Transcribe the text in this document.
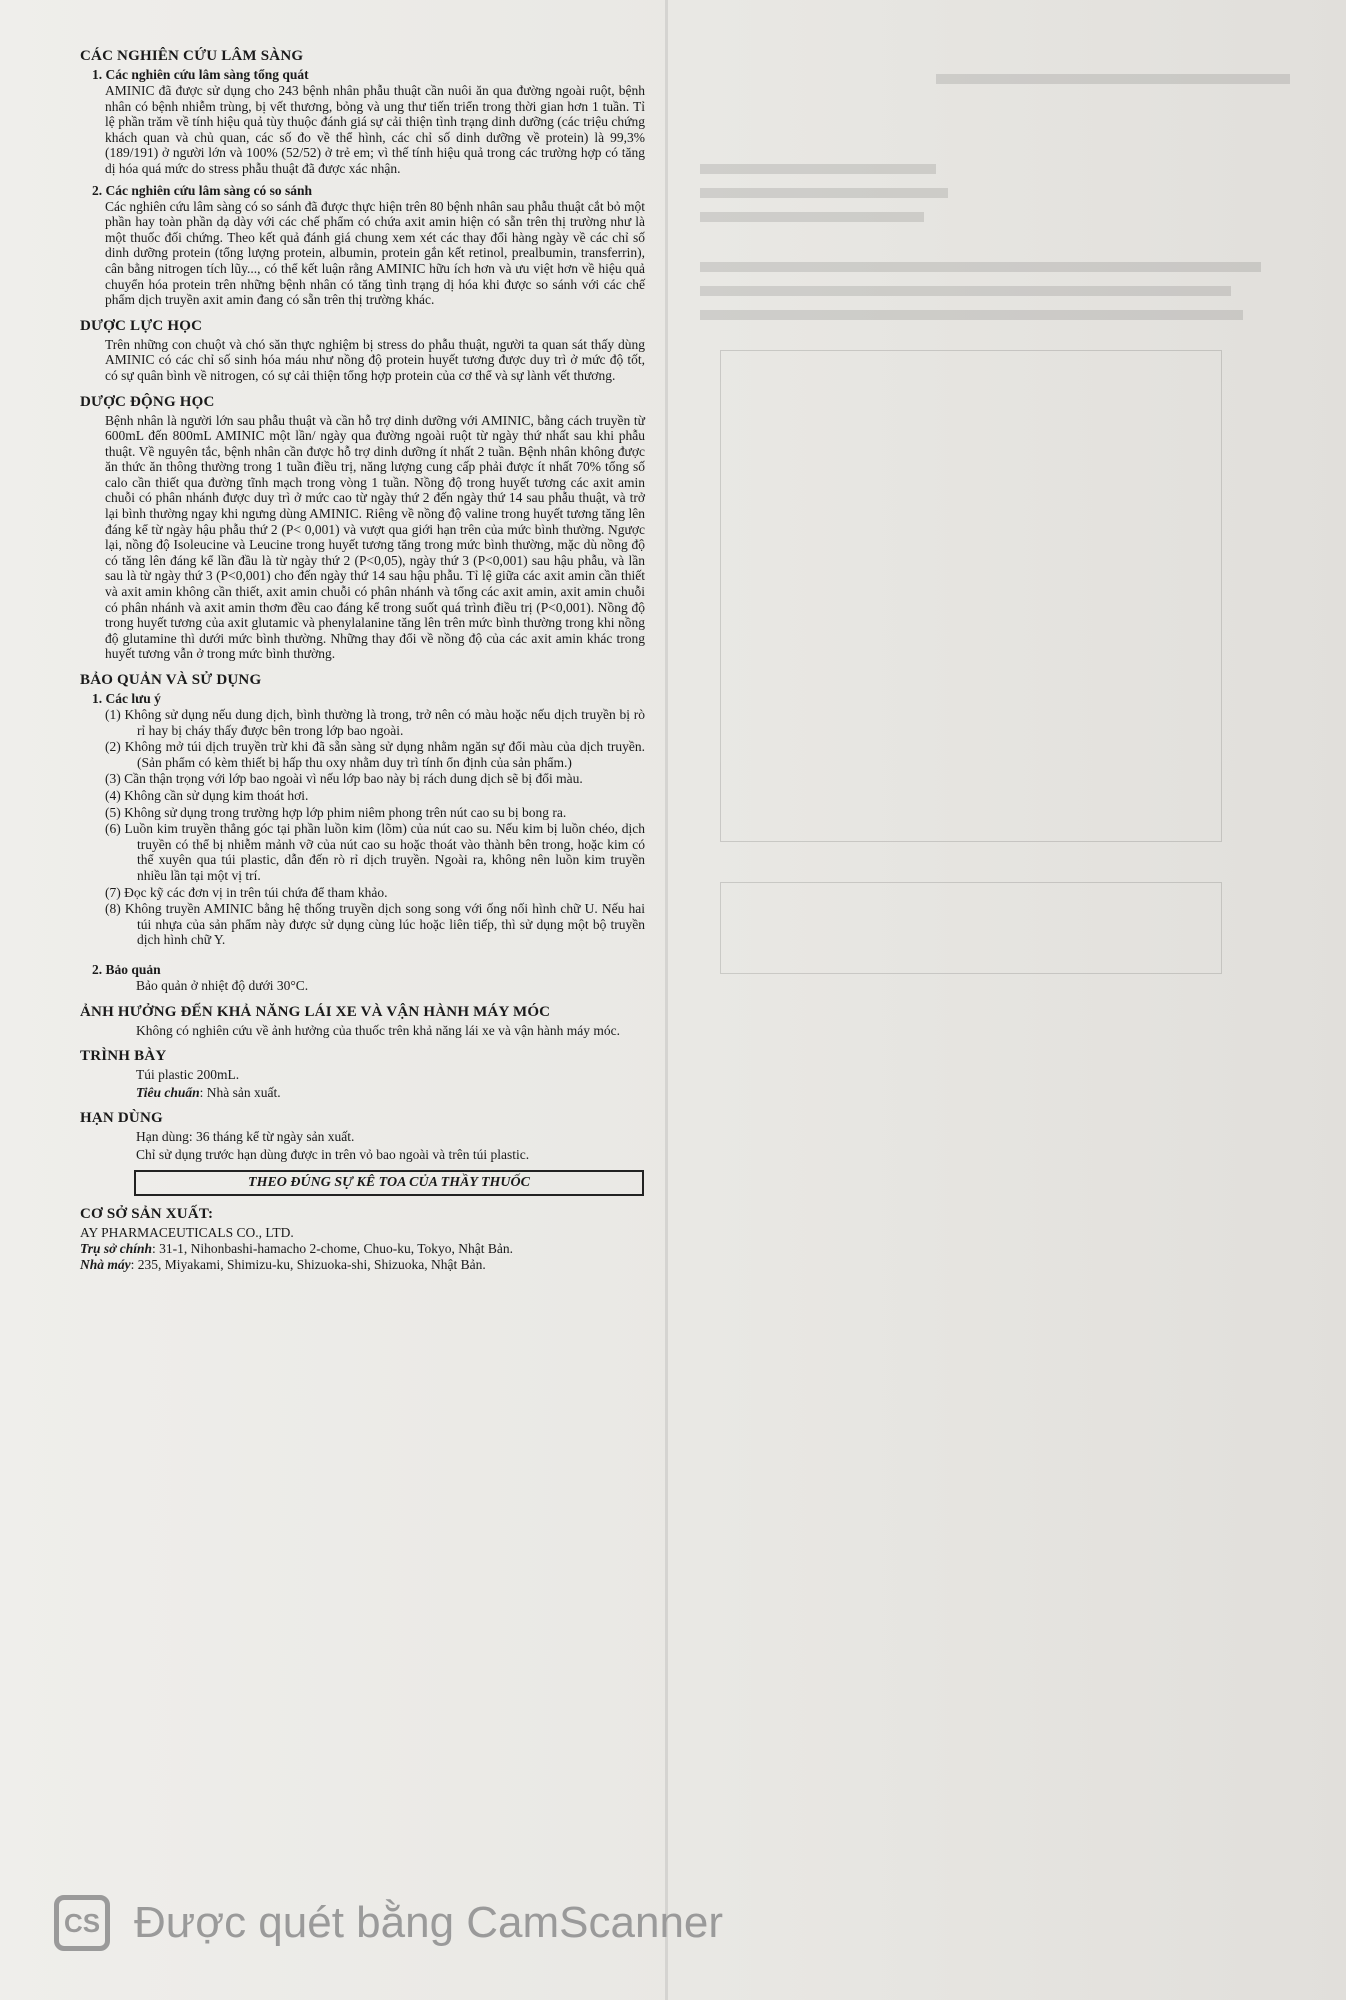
CÁC NGHIÊN CỨU LÂM SÀNG
1. Các nghiên cứu lâm sàng tổng quát

AMINIC đã được sử dụng cho 243 bệnh nhân phẫu thuật cần nuôi ăn qua đường ngoài ruột, bệnh nhân có bệnh nhiễm trùng, bị vết thương, bỏng và ung thư tiến triển trong thời gian hơn 1 tuần. Tỉ lệ phần trăm về tính hiệu quả tùy thuộc đánh giá sự cải thiện tình trạng dinh dưỡng (các triệu chứng khách quan và chủ quan, các số đo về thể hình, các chỉ số dinh dưỡng về protein) là 99,3% (189/191) ở người lớn và 100% (52/52) ở trẻ em; vì thế tính hiệu quả trong các trường hợp có tăng dị hóa quá mức do stress phẫu thuật đã được xác nhận.

2. Các nghiên cứu lâm sàng có so sánh

Các nghiên cứu lâm sàng có so sánh đã được thực hiện trên 80 bệnh nhân sau phẫu thuật cắt bỏ một phần hay toàn phần dạ dày với các chế phẩm có chứa axit amin hiện có sẵn trên thị trường như là một thuốc đối chứng. Theo kết quả đánh giá chung xem xét các thay đổi hàng ngày về các chỉ số dinh dưỡng protein (tổng lượng protein, albumin, protein gắn kết retinol, prealbumin, transferrin), cân bằng nitrogen tích lũy..., có thể kết luận rằng AMINIC hữu ích hơn và ưu việt hơn về hiệu quả chuyển hóa protein trên những bệnh nhân có tăng tình trạng dị hóa khi được so sánh với các chế phẩm dịch truyền axit amin đang có sẵn trên thị trường khác.

DƯỢC LỰC HỌC

Trên những con chuột và chó săn thực nghiệm bị stress do phẫu thuật, người ta quan sát thấy dùng AMINIC có các chỉ số sinh hóa máu như nồng độ protein huyết tương được duy trì ở mức độ tốt, có sự quân bình về nitrogen, có sự cải thiện tổng hợp protein của cơ thể và sự lành vết thương.

DƯỢC ĐỘNG HỌC

Bệnh nhân là người lớn sau phẫu thuật và cần hỗ trợ dinh dưỡng với AMINIC, bằng cách truyền từ 600mL đến 800mL AMINIC một lần/ ngày qua đường ngoài ruột từ ngày thứ nhất sau khi phẫu thuật. Về nguyên tắc, bệnh nhân cần được hỗ trợ dinh dưỡng ít nhất 2 tuần. Bệnh nhân không được ăn thức ăn thông thường trong 1 tuần điều trị, năng lượng cung cấp phải được ít nhất 70% tổng số calo cần thiết qua đường tĩnh mạch trong vòng 1 tuần. Nồng độ trong huyết tương các axit amin chuỗi có phân nhánh được duy trì ở mức cao từ ngày thứ 2 đến ngày thứ 14 sau phẫu thuật, và trở lại bình thường ngay khi ngưng dùng AMINIC. Riêng về nồng độ valine trong huyết tương tăng lên đáng kể từ ngày hậu phẫu thứ 2 (P< 0,001) và vượt qua giới hạn trên của mức bình thường. Ngược lại, nồng độ Isoleucine và Leucine trong huyết tương tăng trong mức bình thường, mặc dù nồng độ có tăng lên đáng kể lần đầu là từ ngày thứ 2 (P<0,05), ngày thứ 3 (P<0,001) sau hậu phẫu, và lần sau là từ ngày thứ 3 (P<0,001) cho đến ngày thứ 14 sau hậu phẫu. Tỉ lệ giữa các axit amin cần thiết và axit amin không cần thiết, axit amin chuỗi có phân nhánh và tổng các axit amin, axit amin chuỗi có phân nhánh và axit amin thơm đều cao đáng kể trong suốt quá trình điều trị (P<0,001). Nồng độ trong huyết tương của axit glutamic và phenylalanine tăng lên trên mức bình thường trong khi nồng độ glutamine thì dưới mức bình thường. Những thay đổi về nồng độ của các axit amin khác trong huyết tương vẫn ở trong mức bình thường.

BẢO QUẢN VÀ SỬ DỤNG
1. Các lưu ý
(1) Không sử dụng nếu dung dịch, bình thường là trong, trở nên có màu hoặc nếu dịch truyền bị rò rỉ hay bị cháy thấy được bên trong lớp bao ngoài.
(2) Không mở túi dịch truyền trừ khi đã sẵn sàng sử dụng nhằm ngăn sự đổi màu của dịch truyền. (Sản phẩm có kèm thiết bị hấp thu oxy nhằm duy trì tính ổn định của sản phẩm.)
(3) Cần thận trọng với lớp bao ngoài vì nếu lớp bao này bị rách dung dịch sẽ bị đổi màu.
(4) Không cần sử dụng kim thoát hơi.
(5) Không sử dụng trong trường hợp lớp phim niêm phong trên nút cao su bị bong ra.
(6) Luồn kim truyền thẳng góc tại phần luồn kim (lõm) của nút cao su. Nếu kim bị luồn chéo, dịch truyền có thể bị nhiễm mảnh vỡ của nút cao su hoặc thoát vào thành bên trong, hoặc kim có thể xuyên qua túi plastic, dẫn đến rò rỉ dịch truyền. Ngoài ra, không nên luồn kim truyền nhiều lần tại một vị trí.
(7) Đọc kỹ các đơn vị in trên túi chứa để tham khảo.
(8) Không truyền AMINIC bằng hệ thống truyền dịch song song với ống nối hình chữ U. Nếu hai túi nhựa của sản phẩm này được sử dụng cùng lúc hoặc liên tiếp, thì sử dụng một bộ truyền dịch hình chữ Y.
2. Bảo quản

Bảo quản ở nhiệt độ dưới 30°C.

ẢNH HƯỞNG ĐẾN KHẢ NĂNG LÁI XE VÀ VẬN HÀNH MÁY MÓC

Không có nghiên cứu về ảnh hưởng của thuốc trên khả năng lái xe và vận hành máy móc.

TRÌNH BÀY

Túi plastic 200mL.

Tiêu chuẩn: Nhà sản xuất.

HẠN DÙNG

Hạn dùng: 36 tháng kể từ ngày sản xuất.

Chỉ sử dụng trước hạn dùng được in trên vỏ bao ngoài và trên túi plastic.

THEO ĐÚNG SỰ KÊ TOA CỦA THẦY THUỐC
CƠ SỞ SẢN XUẤT:
AY PHARMACEUTICALS CO., LTD.
Trụ sở chính: 31-1, Nihonbashi-hamacho 2-chome, Chuo-ku, Tokyo, Nhật Bản.
Nhà máy: 235, Miyakami, Shimizu-ku, Shizuoka-shi, Shizuoka, Nhật Bản.
CS Được quét bằng CamScanner
